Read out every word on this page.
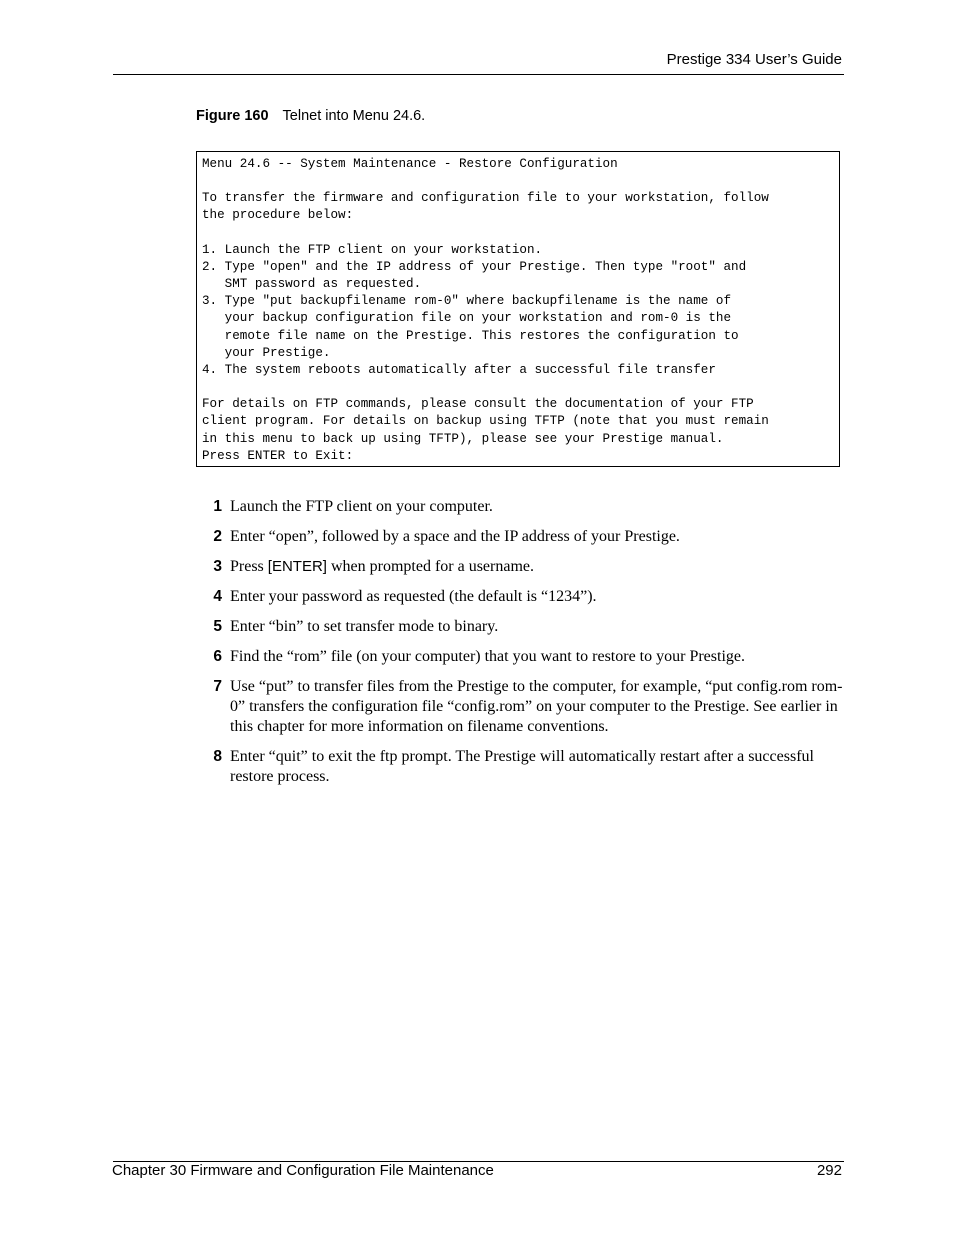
Prestige 334 User’s Guide
Figure 160 Telnet into Menu 24.6.
Menu 24.6 -- System Maintenance - Restore Configuration

To transfer the firmware and configuration file to your workstation, follow
the procedure below:

1. Launch the FTP client on your workstation.
2. Type "open" and the IP address of your Prestige. Then type "root" and
SMT password as requested.
3. Type "put backupfilename rom-0" where backupfilename is the name of
your backup configuration file on your workstation and rom-0 is the
remote file name on the Prestige. This restores the configuration to
your Prestige.
4. The system reboots automatically after a successful file transfer

For details on FTP commands, please consult the documentation of your FTP
client program. For details on backup using TFTP (note that you must remain
in this menu to back up using TFTP), please see your Prestige manual.
Press ENTER to Exit:
1 Launch the FTP client on your computer.
2 Enter “open”, followed by a space and the IP address of your Prestige.
3 Press [ENTER] when prompted for a username.
4 Enter your password as requested (the default is “1234”).
5 Enter “bin” to set transfer mode to binary.
6 Find the “rom” file (on your computer) that you want to restore to your Prestige.
7 Use “put” to transfer files from the Prestige to the computer, for example, “put config.rom rom-0” transfers the configuration file “config.rom” on your computer to the Prestige. See earlier in this chapter for more information on filename conventions.
8 Enter “quit” to exit the ftp prompt. The Prestige will automatically restart after a successful restore process.
Chapter 30 Firmware and Configuration File Maintenance	292
